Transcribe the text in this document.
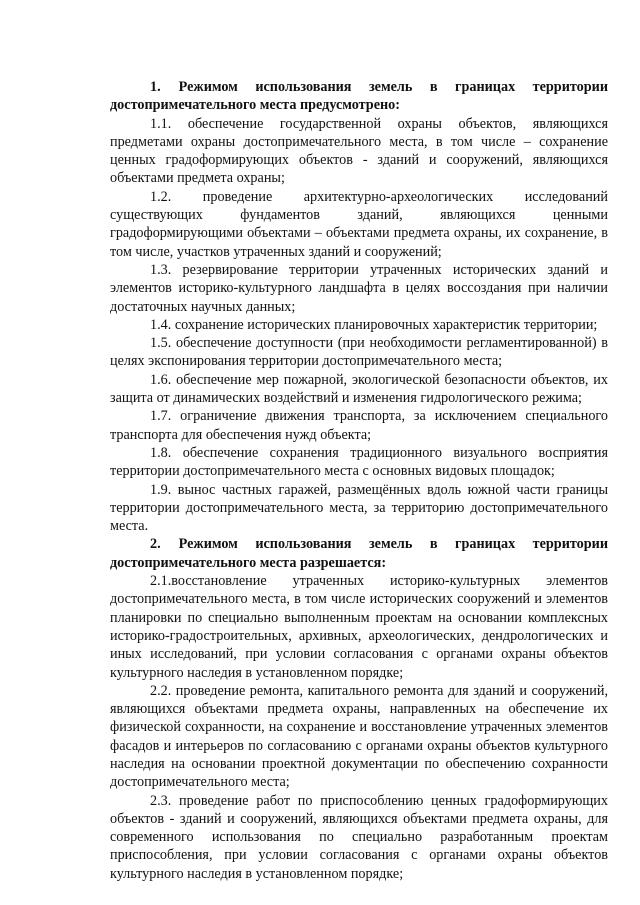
1. Режимом использования земель в границах территории достопримечательного места предусмотрено:

1.1. обеспечение государственной охраны объектов, являющихся предметами охраны достопримечательного места, в том числе – сохранение ценных градоформирующих объектов - зданий и сооружений, являющихся объектами предмета охраны;

1.2. проведение архитектурно-археологических исследований существующих фундаментов зданий, являющихся ценными градоформирующими объектами – объектами предмета охраны, их сохранение, в том числе, участков утраченных зданий и сооружений;

1.3. резервирование территории утраченных исторических зданий и элементов историко-культурного ландшафта в целях воссоздания при наличии достаточных научных данных;

1.4. сохранение исторических планировочных характеристик территории;

1.5. обеспечение доступности (при необходимости регламентированной) в целях экспонирования территории достопримечательного места;

1.6. обеспечение мер пожарной, экологической безопасности объектов, их защита от динамических воздействий и изменения гидрологического режима;

1.7. ограничение движения транспорта, за исключением специального транспорта для обеспечения нужд объекта;

1.8. обеспечение сохранения традиционного визуального восприятия территории достопримечательного места с основных видовых площадок;

1.9. вынос частных гаражей, размещённых вдоль южной части границы территории достопримечательного места, за территорию достопримечательного места.

2. Режимом использования земель в границах территории достопримечательного места разрешается:

2.1.восстановление утраченных историко-культурных элементов достопримечательного места, в том числе исторических сооружений и элементов планировки по специально выполненным проектам на основании комплексных историко-градостроительных, архивных, археологических, дендрологических и иных исследований, при условии согласования с органами охраны объектов культурного наследия в установленном порядке;

2.2. проведение ремонта, капитального ремонта для зданий и сооружений, являющихся объектами предмета охраны, направленных на обеспечение их физической сохранности, на сохранение и восстановление утраченных элементов фасадов и интерьеров по согласованию с органами охраны объектов культурного наследия на основании проектной документации по обеспечению сохранности достопримечательного места;

2.3. проведение работ по приспособлению ценных градоформирующих объектов - зданий и сооружений, являющихся объектами предмета охраны, для современного использования по специально разработанным проектам приспособления, при условии согласования с органами охраны объектов культурного наследия в установленном порядке;
